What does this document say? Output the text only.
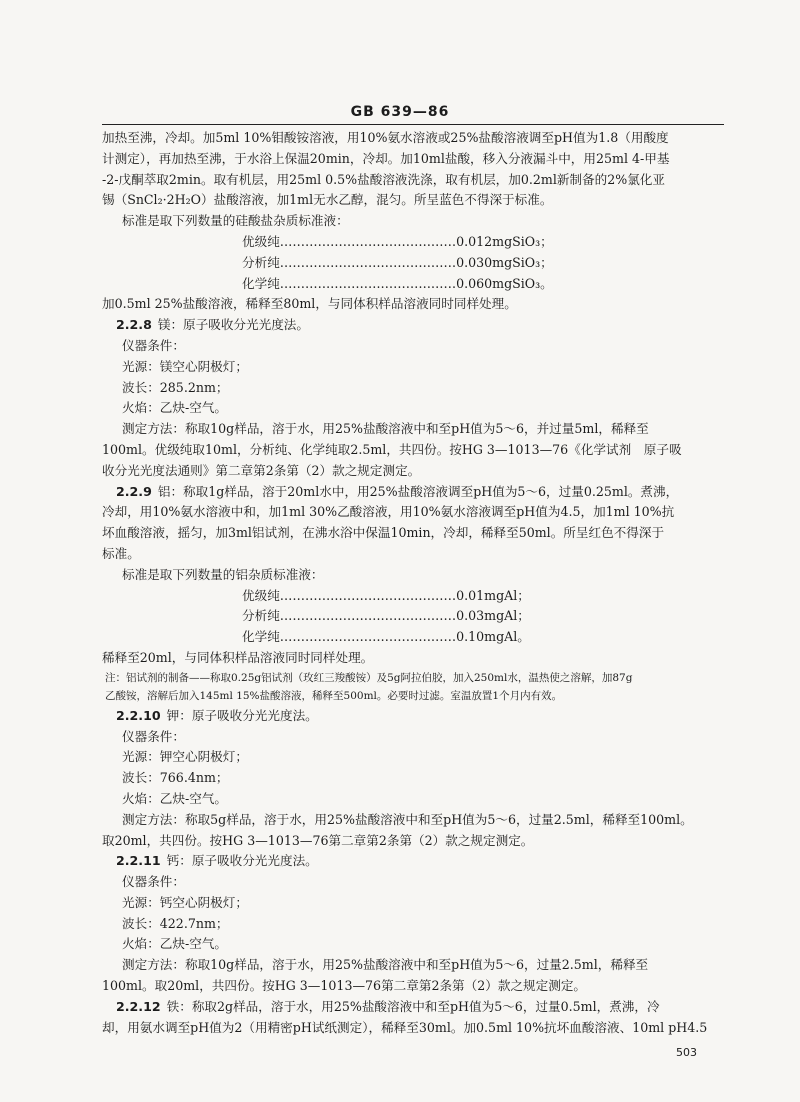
GB 639—86
加热至沸，冷却。加5ml 10%钼酸铵溶液，用10%氨水溶液或25%盐酸溶液调至pH值为1.8（用酸度
计测定），再加热至沸，于水浴上保温20min，冷却。加10ml盐酸，移入分液漏斗中，用25ml 4-甲基
-2-戊酮萃取2min。取有机层，用25ml 0.5%盐酸溶液洗涤，取有机层，加0.2ml新制备的2%氯化亚
锡（SnCl₂·2H₂O）盐酸溶液，加1ml无水乙醇，混匀。所呈蓝色不得深于标准。
标准是取下列数量的硅酸盐杂质标准液：
优级纯……………………………………0.012mgSiO₃；
分析纯……………………………………0.030mgSiO₃；
化学纯……………………………………0.060mgSiO₃。
加0.5ml 25%盐酸溶液，稀释至80ml，与同体积样品溶液同时同样处理。
2.2.8 镁：原子吸收分光光度法。
仪器条件：
光源：镁空心阴极灯；
波长：285.2nm；
火焰：乙炔-空气。
测定方法：称取10g样品，溶于水，用25%盐酸溶液中和至pH值为5～6，并过量5ml，稀释至
100ml。优级纯取10ml，分析纯、化学纯取2.5ml，共四份。按HG 3—1013—76《化学试剂　原子吸
收分光光度法通则》第二章第2条第（2）款之规定测定。
2.2.9 铝：称取1g样品，溶于20ml水中，用25%盐酸溶液调至pH值为5～6，过量0.25ml。煮沸，
冷却，用10%氨水溶液中和，加1ml 30%乙酸溶液，用10%氨水溶液调至pH值为4.5，加1ml 10%抗
坏血酸溶液，摇匀，加3ml铝试剂，在沸水浴中保温10min，冷却，稀释至50ml。所呈红色不得深于
标准。
标准是取下列数量的铝杂质标准液：
优级纯……………………………………0.01mgAl；
分析纯……………………………………0.03mgAl；
化学纯……………………………………0.10mgAl。
稀释至20ml，与同体积样品溶液同时同样处理。
注：铝试剂的制备——称取0.25g铝试剂（玫红三羧酸铵）及5g阿拉伯胶，加入250ml水，温热使之溶解，加87g
乙酸铵，溶解后加入145ml 15%盐酸溶液，稀释至500ml。必要时过滤。室温放置1个月内有效。
2.2.10 钾：原子吸收分光光度法。
仪器条件：
光源：钾空心阴极灯；
波长：766.4nm；
火焰：乙炔-空气。
测定方法：称取5g样品，溶于水，用25%盐酸溶液中和至pH值为5～6，过量2.5ml，稀释至100ml。
取20ml，共四份。按HG 3—1013—76第二章第2条第（2）款之规定测定。
2.2.11 钙：原子吸收分光光度法。
仪器条件：
光源：钙空心阴极灯；
波长：422.7nm；
火焰：乙炔-空气。
测定方法：称取10g样品，溶于水，用25%盐酸溶液中和至pH值为5～6，过量2.5ml，稀释至
100ml。取20ml，共四份。按HG 3—1013—76第二章第2条第（2）款之规定测定。
2.2.12 铁：称取2g样品，溶于水，用25%盐酸溶液中和至pH值为5～6，过量0.5ml，煮沸，冷
却，用氨水调至pH值为2（用精密pH试纸测定），稀释至30ml。加0.5ml 10%抗坏血酸溶液、10ml pH4.5
503
